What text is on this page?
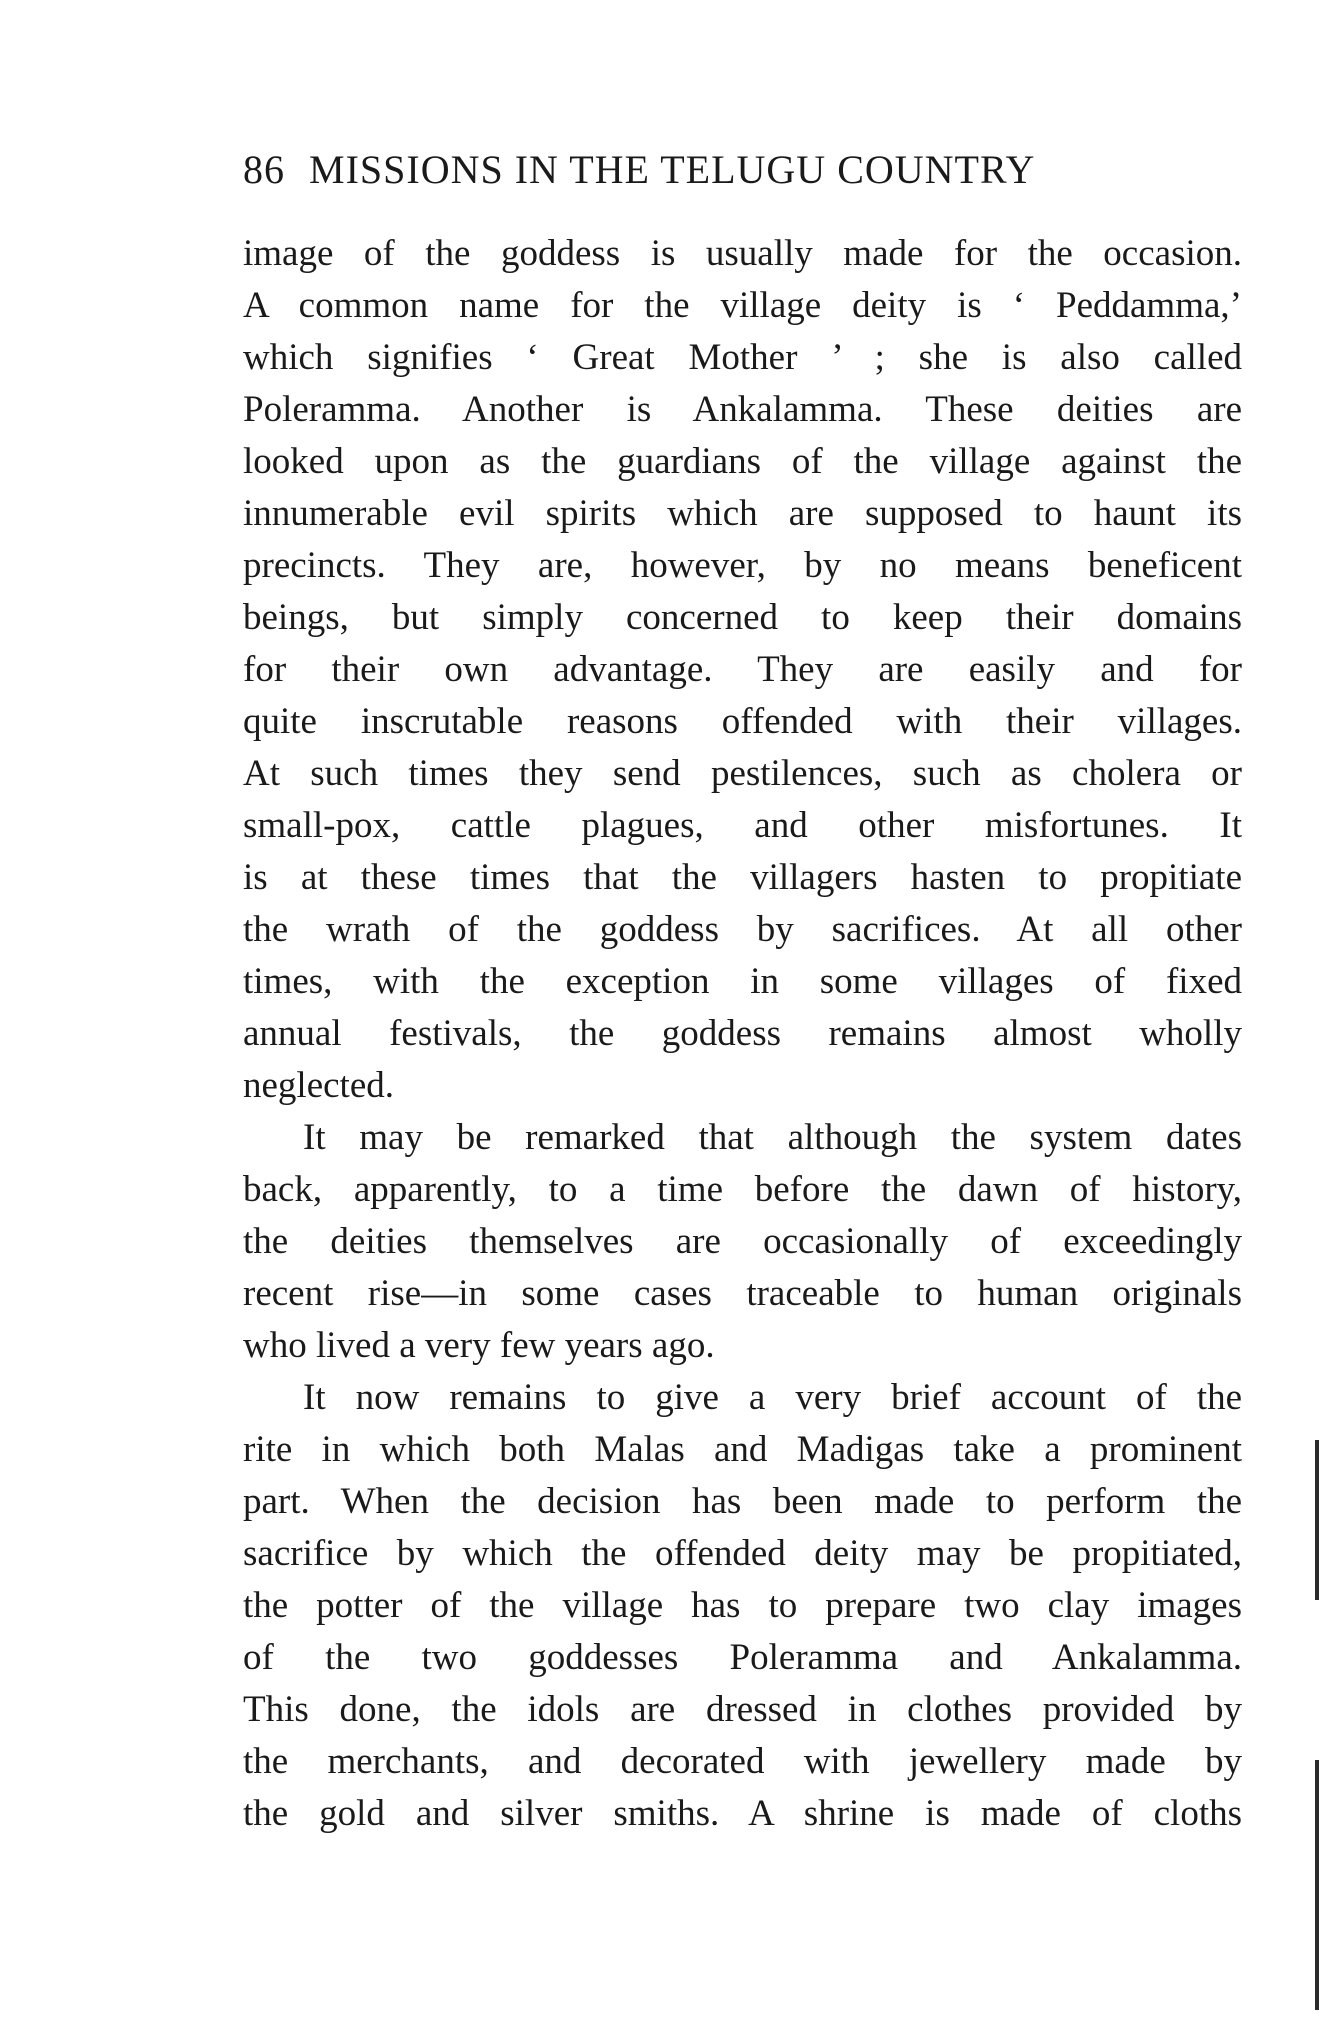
86 MISSIONS IN THE TELUGU COUNTRY
image of the goddess is usually made for the occasion.
A common name for the village deity is ‘ Peddamma,’
which signifies ‘ Great Mother ’ ; she is also called
Poleramma. Another is Ankalamma. These deities are
looked upon as the guardians of the village against the
innumerable evil spirits which are supposed to haunt its
precincts. They are, however, by no means beneficent
beings, but simply concerned to keep their domains
for their own advantage. They are easily and for
quite inscrutable reasons offended with their villages.
At such times they send pestilences, such as cholera or
small-pox, cattle plagues, and other misfortunes. It
is at these times that the villagers hasten to propitiate
the wrath of the goddess by sacrifices. At all other
times, with the exception in some villages of fixed
annual festivals, the goddess remains almost wholly
neglected.
It may be remarked that although the system dates
back, apparently, to a time before the dawn of history,
the deities themselves are occasionally of exceedingly
recent rise—in some cases traceable to human originals
who lived a very few years ago.
It now remains to give a very brief account of the
rite in which both Malas and Madigas take a prominent
part. When the decision has been made to perform the
sacrifice by which the offended deity may be propitiated,
the potter of the village has to prepare two clay images
of the two goddesses Poleramma and Ankalamma.
This done, the idols are dressed in clothes provided by
the merchants, and decorated with jewellery made by
the gold and silver smiths. A shrine is made of cloths
